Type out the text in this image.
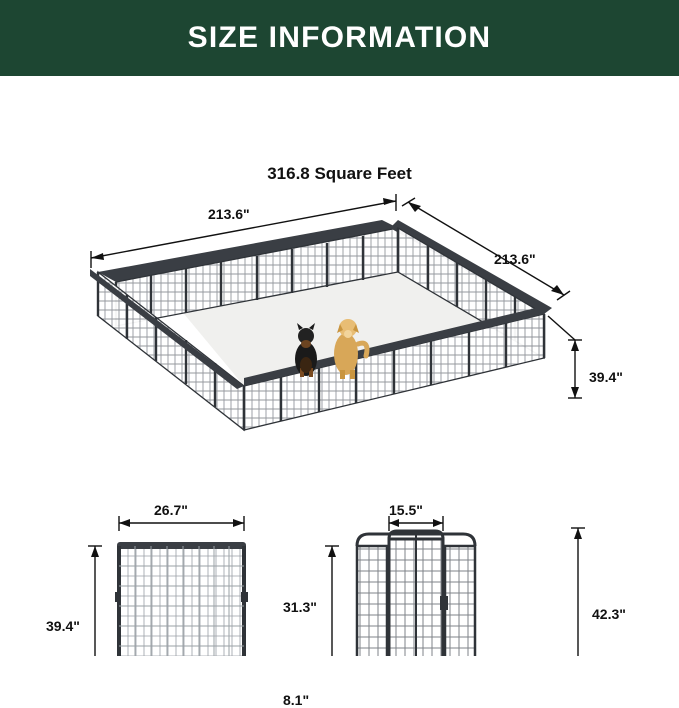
SIZE INFORMATION
316.8 Square Feet
213.6"
213.6"
39.4"
26.7"
39.4"
15.5"
31.3"
8.1"
42.3"
